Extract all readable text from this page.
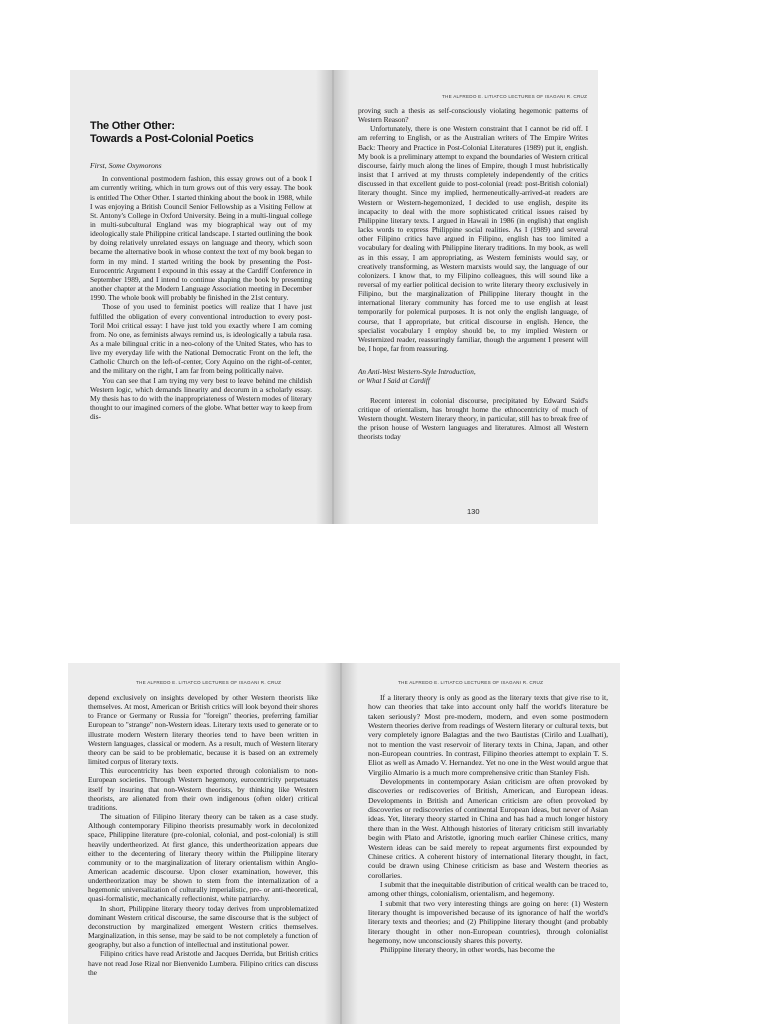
The Other Other:
Towards a Post-Colonial Poetics
First, Some Oxymorons

In conventional postmodern fashion, this essay grows out of a book I am currently writing, which in turn grows out of this very essay. The book is entitled The Other Other. I started thinking about the book in 1988, while I was enjoying a British Council Senior Fellowship as a Visiting Fellow at St. Antony's College in Oxford University. Being in a multi-lingual college in multi-subcultural England was my biographical way out of my ideologically stale Philippine critical landscape. I started outlining the book by doing relatively unrelated essays on language and theory, which soon became the alternative book in whose context the text of my book began to form in my mind. I started writing the book by presenting the Post-Eurocentric Argument I expound in this essay at the Cardiff Conference in September 1989, and I intend to continue shaping the book by presenting another chapter at the Modern Language Association meeting in December 1990. The whole book will probably be finished in the 21st century.

Those of you used to feminist poetics will realize that I have just fulfilled the obligation of every conventional introduction to every post-Toril Moi critical essay: I have just told you exactly where I am coming from. No one, as feminists always remind us, is ideologically a tabula rasa. As a male bilingual critic in a neo-colony of the United States, who has to live my everyday life with the National Democratic Front on the left, the Catholic Church on the left-of-center, Cory Aquino on the right-of-center, and the military on the right, I am far from being politically naive.

You can see that I am trying my very best to leave behind me childish Western logic, which demands linearity and decorum in a scholarly essay. My thesis has to do with the inappropriateness of Western modes of literary thought to our imagined corners of the globe. What better way to keep from dis-

THE ALFREDO E. LITIATCO LECTURES OF ISAGANI R. CRUZ

proving such a thesis as self-consciously violating hegemonic patterns of Western Reason?

Unfortunately, there is one Western constraint that I cannot be rid off. I am referring to English, or as the Australian writers of The Empire Writes Back: Theory and Practice in Post-Colonial Literatures (1989) put it, english. My book is a preliminary attempt to expand the boundaries of Western critical discourse, fairly much along the lines of Empire, though I must hubristically insist that I arrived at my thrusts completely independently of the critics discussed in that excellent guide to post-colonial (read: post-British colonial) literary thought. Since my implied, hermeneutically-arrived-at readers are Western or Western-hegemonized, I decided to use english, despite its incapacity to deal with the more sophisticated critical issues raised by Philippine literary texts. I argued in Hawaii in 1986 (in english) that english lacks words to express Philippine social realities. As I (1989) and several other Filipino critics have argued in Filipino, english has too limited a vocabulary for dealing with Philippine literary traditions. In my book, as well as in this essay, I am appropriating, as Western feminists would say, or creatively transforming, as Western marxists would say, the language of our colonizers. I know that, to my Filipino colleagues, this will sound like a reversal of my earlier political decision to write literary theory exclusively in Filipino, but the marginalization of Philippine literary thought in the international literary community has forced me to use english at least temporarily for polemical purposes. It is not only the english language, of course, that I appropriate, but critical discourse in english. Hence, the specialist vocabulary I employ should be, to my implied Western or Westernized reader, reassuringly familiar, though the argument I present will be, I hope, far from reassuring.

An Anti-West Western-Style Introduction,
or What I Said at Cardiff

Recent interest in colonial discourse, precipitated by Edward Said's critique of orientalism, has brought home the ethnocentricity of much of Western thought. Western literary theory, in particular, still has to break free of the prison house of Western languages and literatures. Almost all Western theorists today

130
THE ALFREDO E. LITIATCO LECTURES OF ISAGANI R. CRUZ

depend exclusively on insights developed by other Western theorists like themselves. At most, American or British critics will look beyond their shores to France or Germany or Russia for "foreign" theories, preferring familiar European to "strange" non-Western ideas. Literary texts used to generate or to illustrate modern Western literary theories tend to have been written in Western languages, classical or modern. As a result, much of Western literary theory can be said to be problematic, because it is based on an extremely limited corpus of literary texts.

This eurocentricity has been exported through colonialism to non-European societies. Through Western hegemony, eurocentricity perpetuates itself by insuring that non-Western theorists, by thinking like Western theorists, are alienated from their own indigenous (often older) critical traditions.

The situation of Filipino literary theory can be taken as a case study. Although contemporary Filipino theorists presumably work in decolonized space, Philippine literature (pre-colonial, colonial, and post-colonial) is still heavily undertheorized. At first glance, this undertheorization appears due either to the decentering of literary theory within the Philippine literary community or to the marginalization of literary orientalism within Anglo-American academic discourse. Upon closer examination, however, this undertheorization may be shown to stem from the internalization of a hegemonic universalization of culturally imperialistic, pre- or anti-theoretical, quasi-formalistic, mechanically reflectionist, white patriarchy.

In short, Philippine literary theory today derives from unproblematized dominant Western critical discourse, the same discourse that is the subject of deconstruction by marginalized emergent Western critics themselves. Marginalization, in this sense, may be said to be not completely a function of geography, but also a function of intellectual and institutional power.

Filipino critics have read Aristotle and Jacques Derrida, but British critics have not read Jose Rizal nor Bienvenido Lumbera. Filipino critics can discuss the

THE ALFREDO E. LITIATCO LECTURES OF ISAGANI R. CRUZ

If a literary theory is only as good as the literary texts that give rise to it, how can theories that take into account only half the world's literature be taken seriously? Most pre-modern, modern, and even some postmodern Western theories derive from readings of Western literary or cultural texts, but very completely ignore Balagtas and the two Bautistas (Cirilo and Lualhati), not to mention the vast reservoir of literary texts in China, Japan, and other non-European countries. In contrast, Filipino theories attempt to explain T. S. Eliot as well as Amado V. Hernandez. Yet no one in the West would argue that Virgilio Almario is a much more comprehensive critic than Stanley Fish.

Developments in contemporary Asian criticism are often provoked by discoveries or rediscoveries of British, American, and European ideas. Developments in British and American criticism are often provoked by discoveries or rediscoveries of continental European ideas, but never of Asian ideas. Yet, literary theory started in China and has had a much longer history there than in the West. Although histories of literary criticism still invariably begin with Plato and Aristotle, ignoring much earlier Chinese critics, many Western ideas can be said merely to repeat arguments first expounded by Chinese critics. A coherent history of international literary thought, in fact, could be drawn using Chinese criticism as base and Western theories as corollaries.

I submit that the inequitable distribution of critical wealth can be traced to, among other things, colonialism, orientalism, and hegemony.

I submit that two very interesting things are going on here: (1) Western literary thought is impoverished because of its ignorance of half the world's literary texts and theories; and (2) Philippine literary thought (and probably literary thought in other non-European countries), through colonialist hegemony, now unconsciously shares this poverty.

Philippine literary theory, in other words, has become the
